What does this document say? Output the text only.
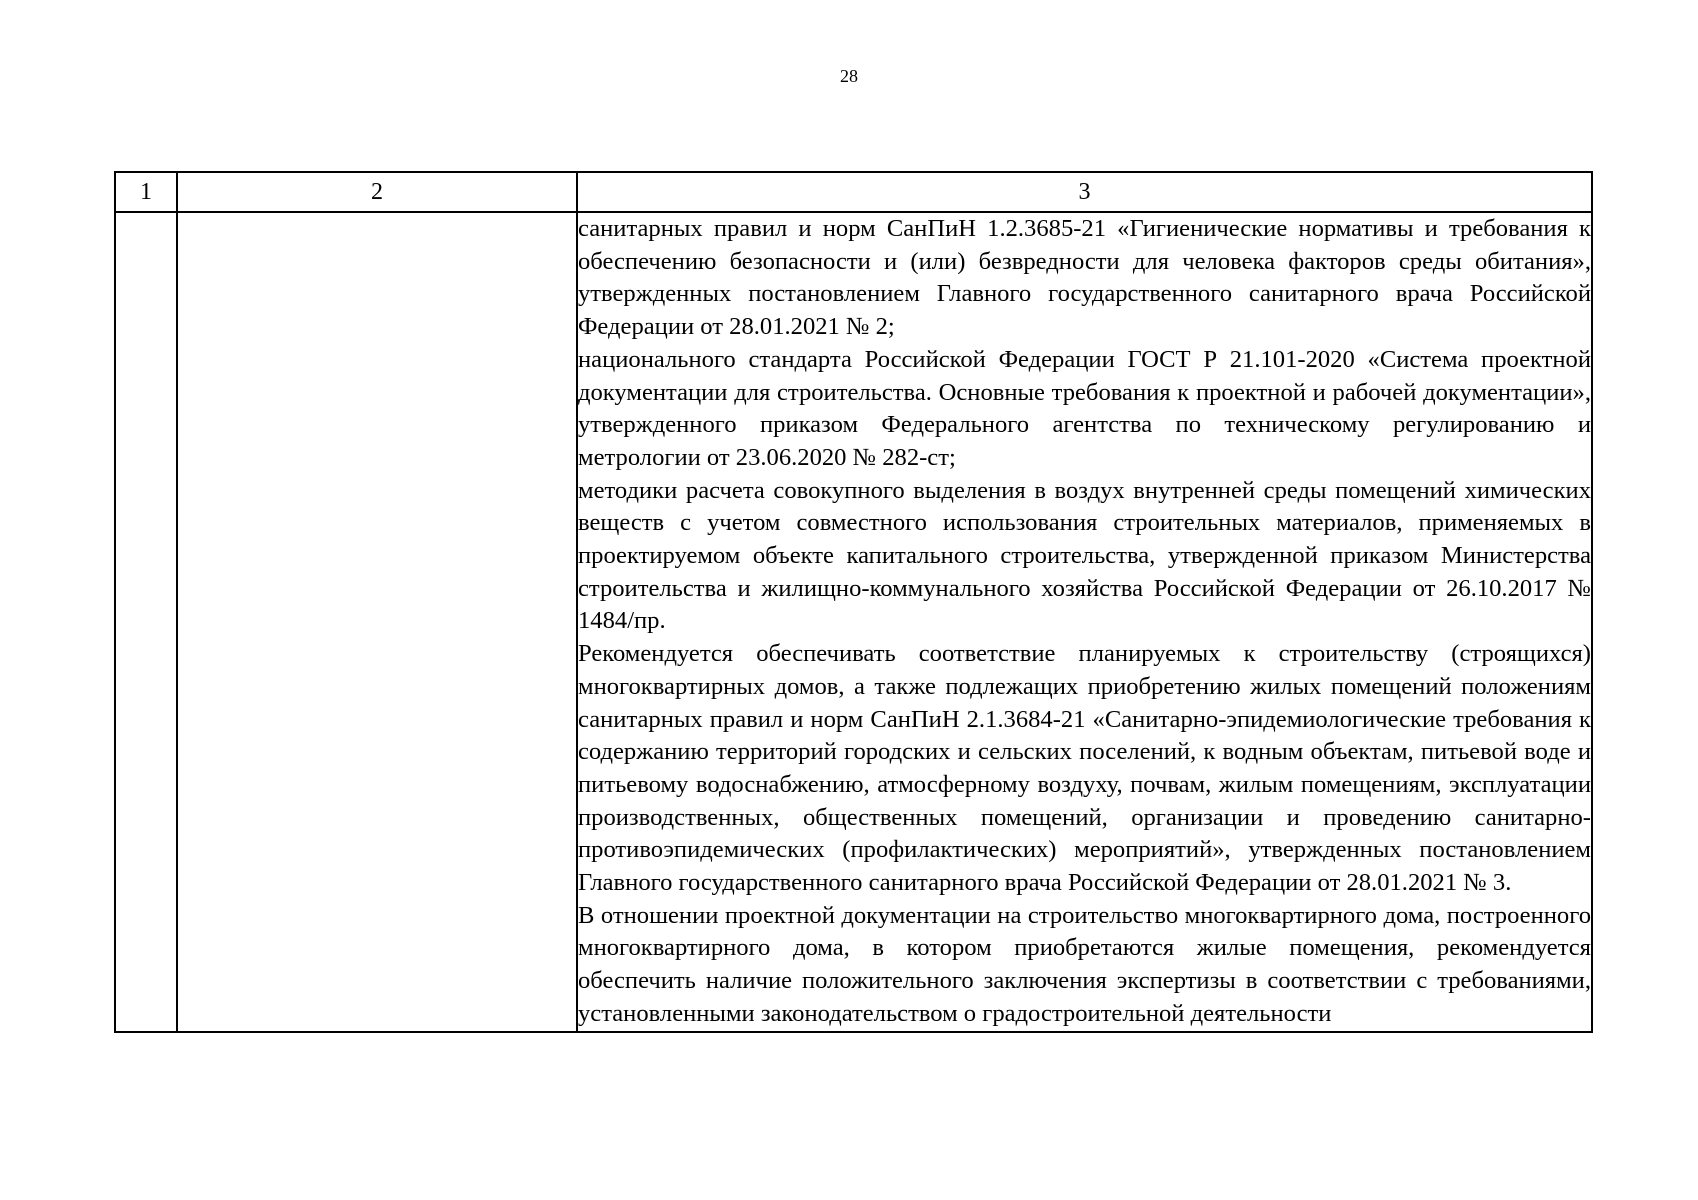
28
1	2	3

		санитарных правил и норм СанПиН 1.2.3685-21 «Гигиенические нормативы и требования к обеспечению безопасности и (или) безвредности для человека факторов среды обитания», утвержденных постановлением Главного государственного санитарного врача Российской Федерации от 28.01.2021 № 2;

национального стандарта Российской Федерации ГОСТ Р 21.101-2020 «Система проектной документации для строительства. Основные требования к проектной и рабочей документации», утвержденного приказом Федерального агентства по техническому регулированию и метрологии от 23.06.2020 № 282-ст;

методики расчета совокупного выделения в воздух внутренней среды помещений химических веществ с учетом совместного использования строительных материалов, применяемых в проектируемом объекте капитального строительства, утвержденной приказом Министерства строительства и жилищно-коммунального хозяйства Российской Федерации от 26.10.2017 № 1484/пр.

Рекомендуется обеспечивать соответствие планируемых к строительству (строящихся) многоквартирных домов, а также подлежащих приобретению жилых помещений положениям санитарных правил и норм СанПиН 2.1.3684-21 «Санитарно-эпидемиологические требования к содержанию территорий городских и сельских поселений, к водным объектам, питьевой воде и питьевому водоснабжению, атмосферному воздуху, почвам, жилым помещениям, эксплуатации производственных, общественных помещений, организации и проведению санитарно-противоэпидемических (профилактических) мероприятий», утвержденных постановлением Главного государственного санитарного врача Российской Федерации от 28.01.2021 № 3.

В отношении проектной документации на строительство многоквартирного дома, построенного многоквартирного дома, в котором приобретаются жилые помещения, рекомендуется обеспечить наличие положительного заключения экспертизы в соответствии с требованиями, установленными законодательством о градостроительной деятельности
